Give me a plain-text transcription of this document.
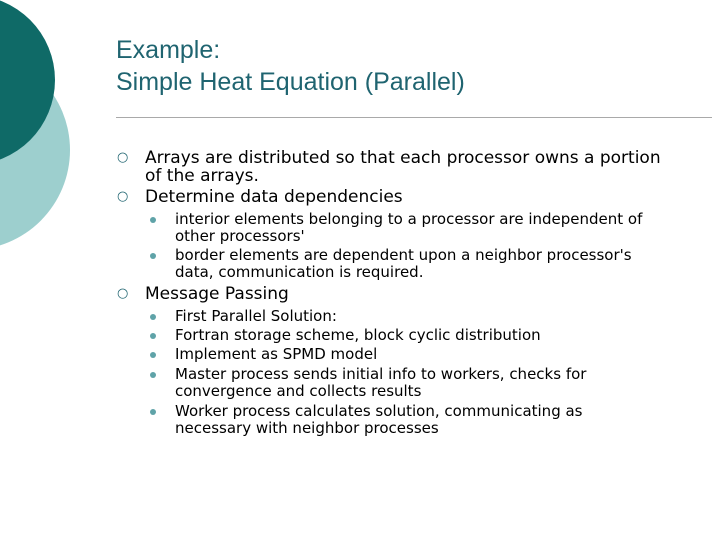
Example:
Simple Heat Equation (Parallel)
○ Arrays are distributed so that each processor owns a portion of the arrays.
○ Determine data dependencies
interior elements belonging to a processor are independent of other processors'
border elements are dependent upon a neighbor processor's data, communication is required.
○ Message Passing
First Parallel Solution:
Fortran storage scheme, block cyclic distribution
Implement as SPMD model
Master process sends initial info to workers, checks for convergence and collects results
Worker process calculates solution, communicating as necessary with neighbor processes
